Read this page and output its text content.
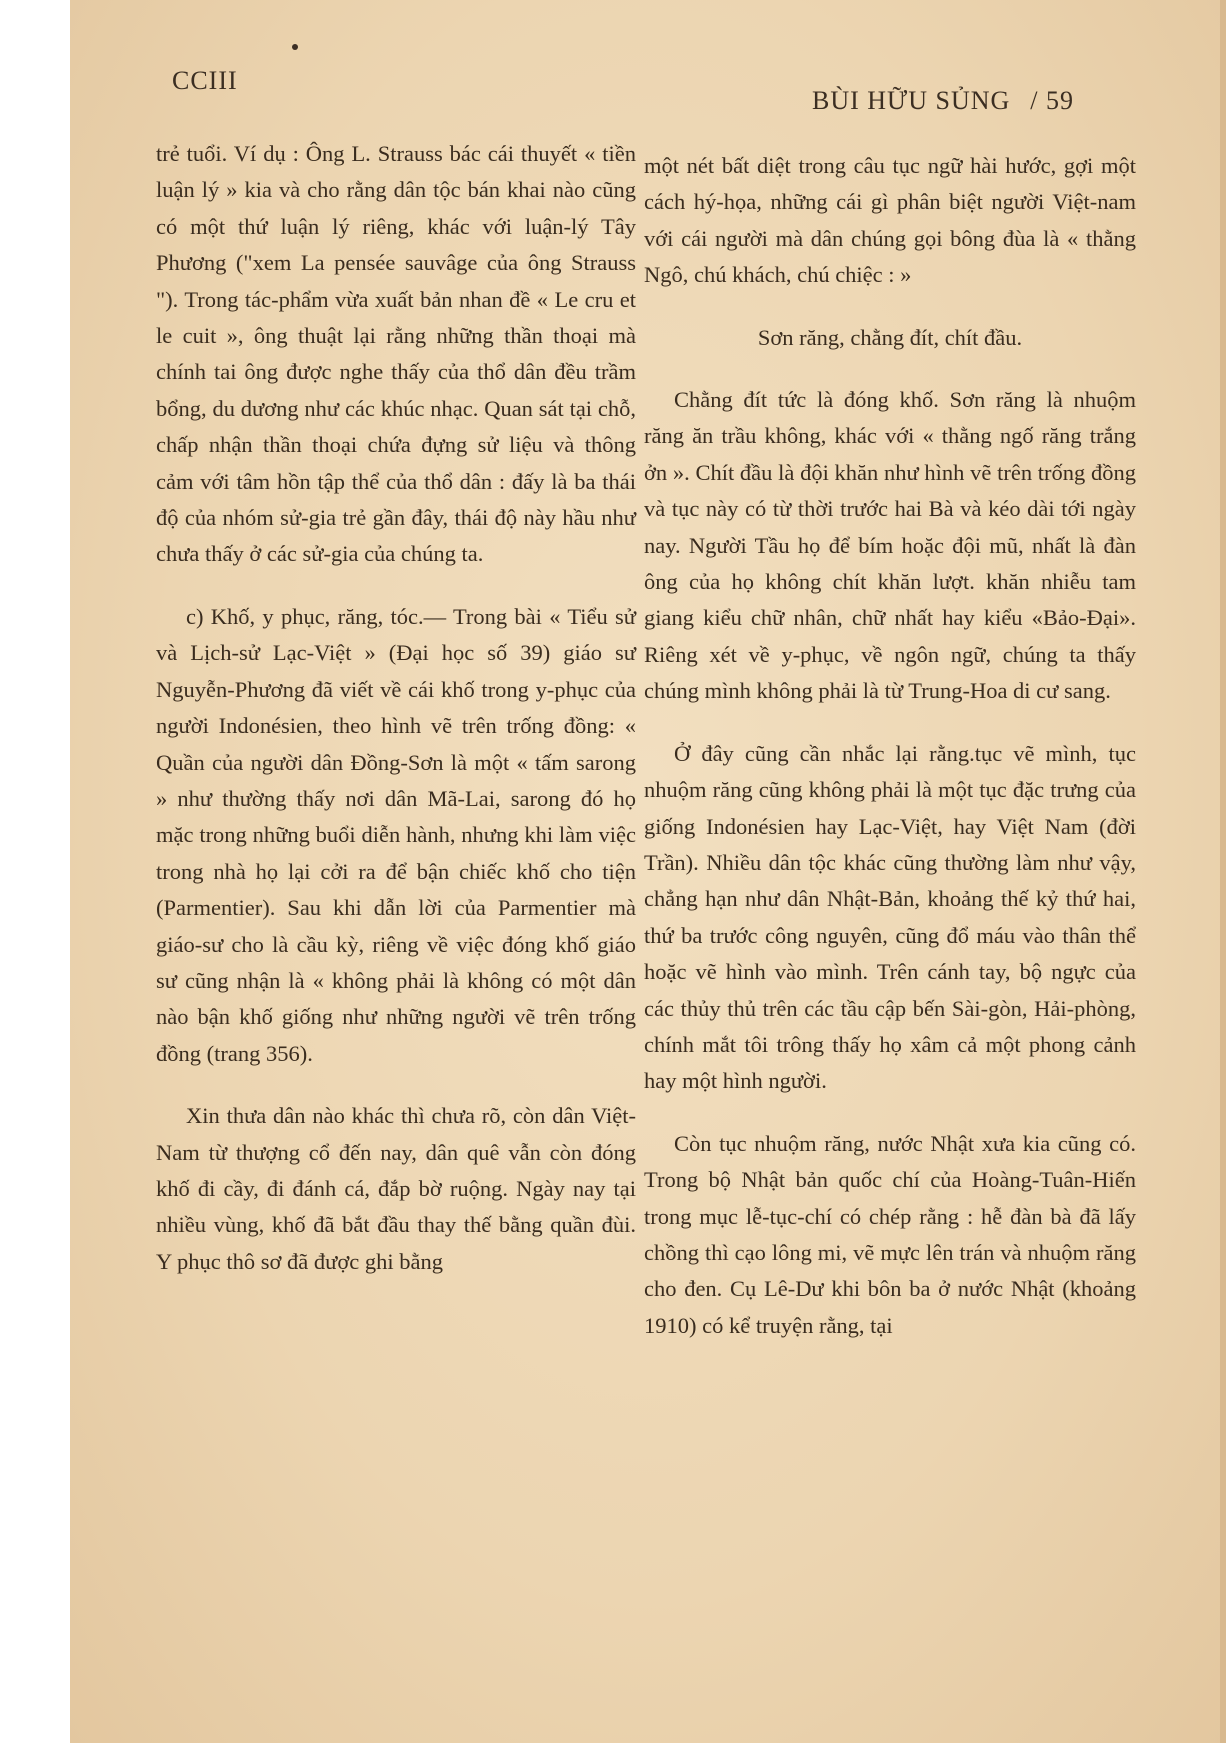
CCIII
BÙI HỮU SỦNG / 59

trẻ tuổi. Ví dụ : Ông L. Strauss bác cái thuyết « tiền luận lý » kia và cho rằng dân tộc bán khai nào cũng có một thứ luận lý riêng, khác với luận-lý Tây Phương ("xem La pensée sauvâge của ông Strauss "). Trong tác-phẩm vừa xuất bản nhan đề « Le cru et le cuit », ông thuật lại rằng những thần thoại mà chính tai ông được nghe thấy của thổ dân đều trầm bổng, du dương như các khúc nhạc. Quan sát tại chỗ, chấp nhận thần thoại chứa đựng sử liệu và thông cảm với tâm hồn tập thể của thổ dân : đấy là ba thái độ của nhóm sử-gia trẻ gần đây, thái độ này hầu như chưa thấy ở các sử-gia của chúng ta.

c) Khố, y phục, răng, tóc.— Trong bài « Tiểu sử và Lịch-sử Lạc-Việt » (Đại học số 39) giáo sư Nguyễn-Phương đã viết về cái khố trong y-phục của người Indonésien, theo hình vẽ trên trống đồng: « Quần của người dân Đồng-Sơn là một « tấm sarong » như thường thấy nơi dân Mã-Lai, sarong đó họ mặc trong những buổi diễn hành, nhưng khi làm việc trong nhà họ lại cởi ra để bận chiếc khố cho tiện (Parmentier). Sau khi dẫn lời của Parmentier mà giáo-sư cho là cầu kỳ, riêng về việc đóng khố giáo sư cũng nhận là « không phải là không có một dân nào bận khố giống như những người vẽ trên trống đồng (trang 356).

Xin thưa dân nào khác thì chưa rõ, còn dân Việt-Nam từ thượng cổ đến nay, dân quê vẫn còn đóng khố đi cầy, đi đánh cá, đắp bờ ruộng. Ngày nay tại nhiều vùng, khố đã bắt đầu thay thế bằng quần đùi. Y phục thô sơ đã được ghi bằng

một nét bất diệt trong câu tục ngữ hài hước, gợi một cách hý-họa, những cái gì phân biệt người Việt-nam với cái người mà dân chúng gọi bông đùa là « thằng Ngô, chú khách, chú chiệc : »

Sơn răng, chằng đít, chít đầu.

Chằng đít tức là đóng khố. Sơn răng là nhuộm răng ăn trầu không, khác với « thằng ngố răng trắng ởn ». Chít đầu là đội khăn như hình vẽ trên trống đồng và tục này có từ thời trước hai Bà và kéo dài tới ngày nay. Người Tầu họ để bím hoặc đội mũ, nhất là đàn ông của họ không chít khăn lượt. khăn nhiễu tam giang kiểu chữ nhân, chữ nhất hay kiểu «Bảo-Đại». Riêng xét về y-phục, về ngôn ngữ, chúng ta thấy chúng mình không phải là từ Trung-Hoa di cư sang.

Ở đây cũng cần nhắc lại rằng.tục vẽ mình, tục nhuộm răng cũng không phải là một tục đặc trưng của giống Indonésien hay Lạc-Việt, hay Việt Nam (đời Trần). Nhiều dân tộc khác cũng thường làm như vậy, chẳng hạn như dân Nhật-Bản, khoảng thế kỷ thứ hai, thứ ba trước công nguyên, cũng đổ máu vào thân thể hoặc vẽ hình vào mình. Trên cánh tay, bộ ngực của các thủy thủ trên các tầu cập bến Sài-gòn, Hải-phòng, chính mắt tôi trông thấy họ xâm cả một phong cảnh hay một hình người.

Còn tục nhuộm răng, nước Nhật xưa kia cũng có. Trong bộ Nhật bản quốc chí của Hoàng-Tuân-Hiến trong mục lễ-tục-chí có chép rằng : hễ đàn bà đã lấy chồng thì cạo lông mi, vẽ mực lên trán và nhuộm răng cho đen. Cụ Lê-Dư khi bôn ba ở nước Nhật (khoảng 1910) có kể truyện rằng, tại
